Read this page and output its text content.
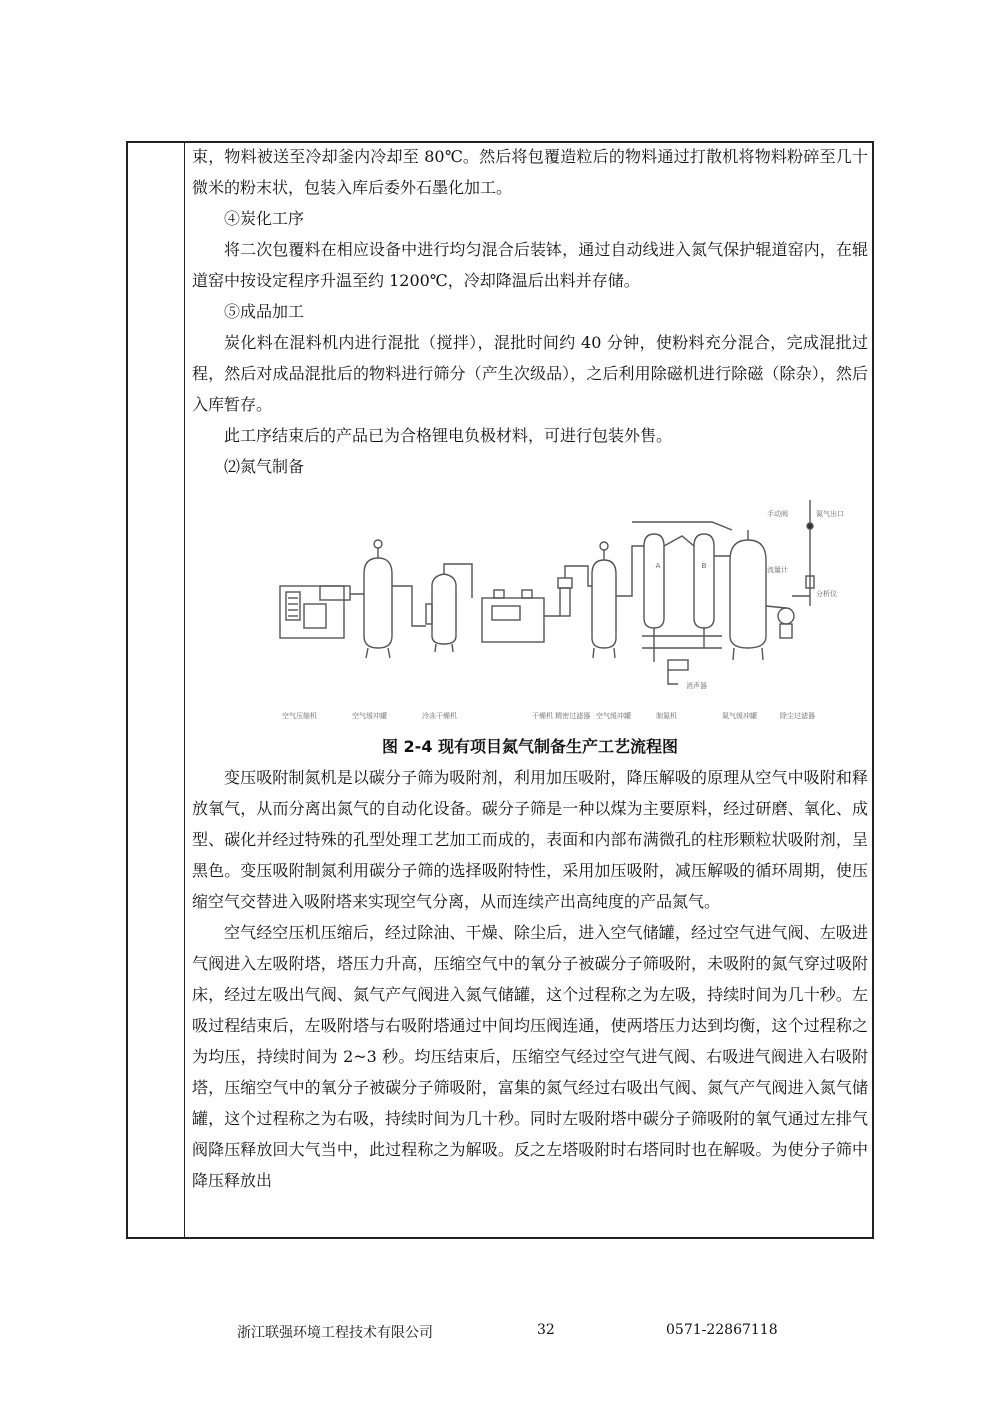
束，物料被送至冷却釜内冷却至 80℃。然后将包覆造粒后的物料通过打散机将物料粉碎至几十微米的粉末状，包装入库后委外石墨化加工。

④炭化工序

将二次包覆料在相应设备中进行均匀混合后装钵，通过自动线进入氮气保护辊道窑内，在辊道窑中按设定程序升温至约 1200℃，冷却降温后出料并存储。

⑤成品加工

炭化料在混料机内进行混批（搅拌），混批时间约 40 分钟，使粉料充分混合，完成混批过程，然后对成品混批后的物料进行筛分（产生次级品），之后利用除磁机进行除磁（除杂），然后入库暂存。

此工序结束后的产品已为合格锂电负极材料，可进行包装外售。

⑵氮气制备

A	B
消声器
手动阀	氮气出口
流量计
分析仪
空气压缩机	空气缓冲罐	冷冻干燥机	干燥机 精密过滤器 空气缓冲罐	制氮机	氮气缓冲罐	除尘过滤器

图 2-4 现有项目氮气制备生产工艺流程图

变压吸附制氮机是以碳分子筛为吸附剂，利用加压吸附，降压解吸的原理从空气中吸附和释放氧气，从而分离出氮气的自动化设备。碳分子筛是一种以煤为主要原料，经过研磨、氧化、成型、碳化并经过特殊的孔型处理工艺加工而成的，表面和内部布满微孔的柱形颗粒状吸附剂，呈黑色。变压吸附制氮利用碳分子筛的选择吸附特性，采用加压吸附，减压解吸的循环周期，使压缩空气交替进入吸附塔来实现空气分离，从而连续产出高纯度的产品氮气。

空气经空压机压缩后，经过除油、干燥、除尘后，进入空气储罐，经过空气进气阀、左吸进气阀进入左吸附塔，塔压力升高，压缩空气中的氧分子被碳分子筛吸附，未吸附的氮气穿过吸附床，经过左吸出气阀、氮气产气阀进入氮气储罐，这个过程称之为左吸，持续时间为几十秒。左吸过程结束后，左吸附塔与右吸附塔通过中间均压阀连通，使两塔压力达到均衡，这个过程称之为均压，持续时间为 2~3 秒。均压结束后，压缩空气经过空气进气阀、右吸进气阀进入右吸附塔，压缩空气中的氧分子被碳分子筛吸附，富集的氮气经过右吸出气阀、氮气产气阀进入氮气储罐，这个过程称之为右吸，持续时间为几十秒。同时左吸附塔中碳分子筛吸附的氧气通过左排气阀降压释放回大气当中，此过程称之为解吸。反之左塔吸附时右塔同时也在解吸。为使分子筛中降压释放出

浙江联强环境工程技术有限公司	32	0571-22867118
